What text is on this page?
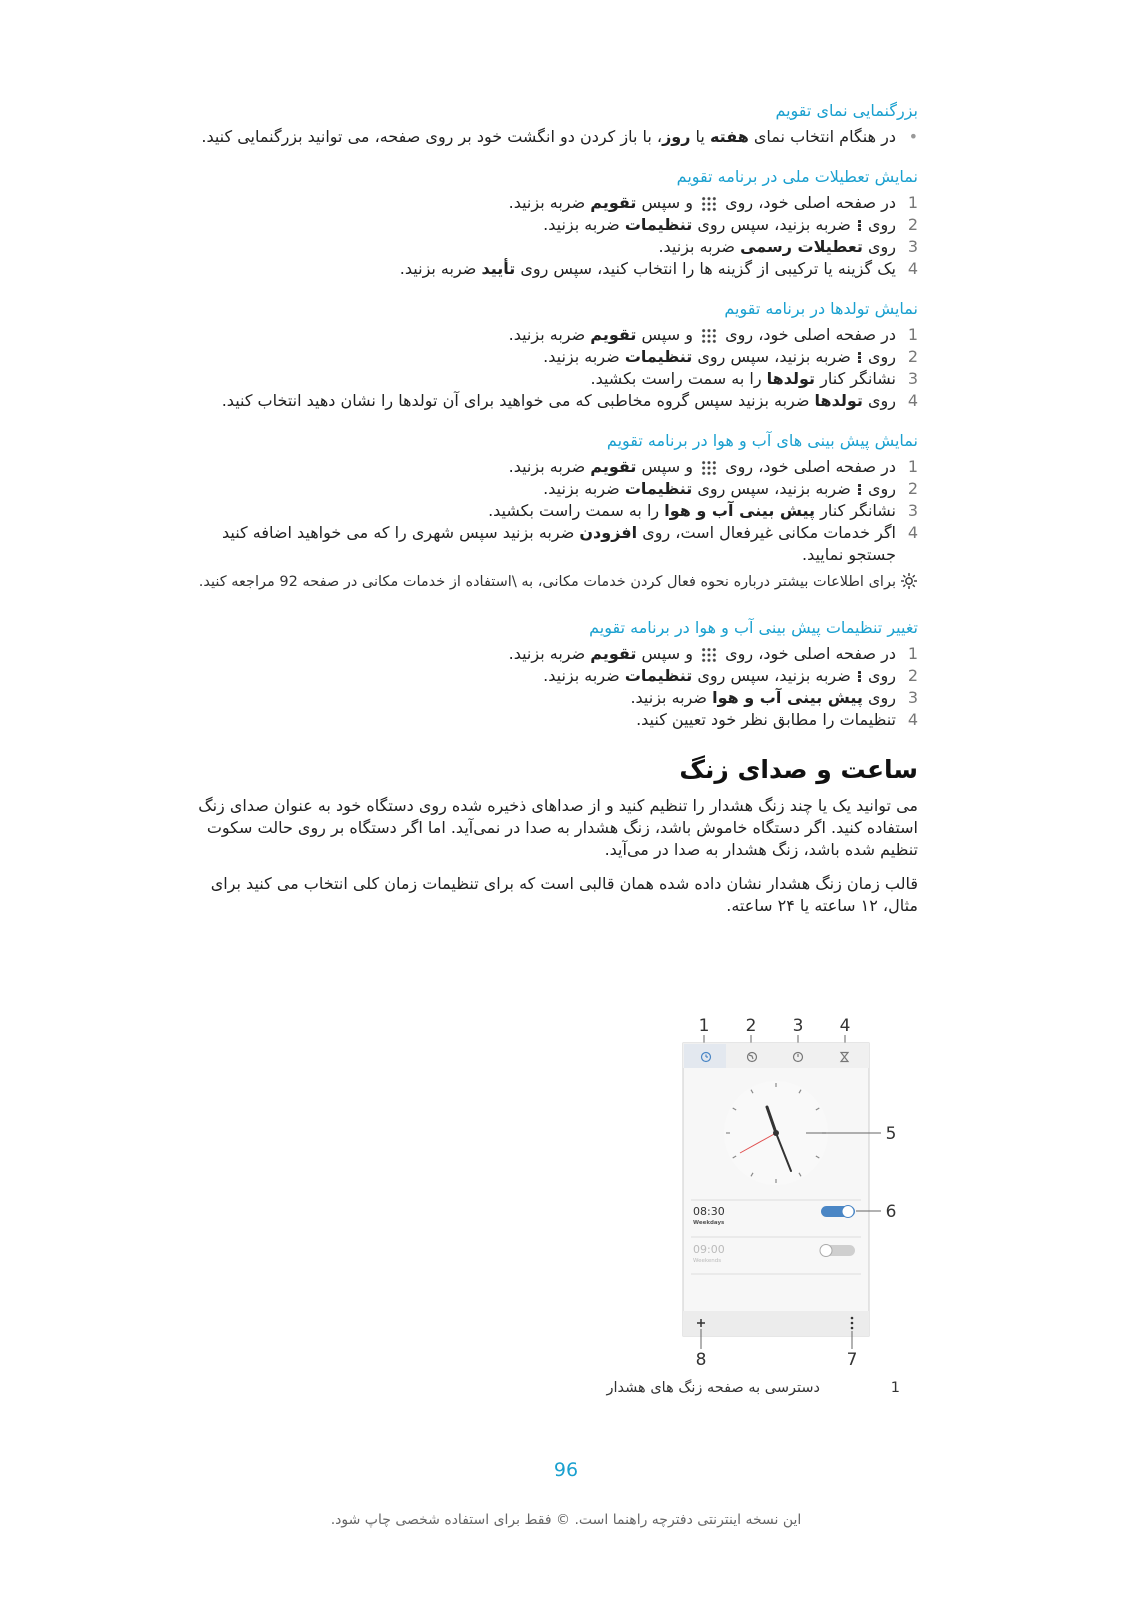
بزرگنمایی نمای تقویم
•
در هنگام انتخاب نمای هفته یا روز، با باز کردن دو انگشت خود بر روی صفحه، می توانید بزرگنمایی کنید.
نمایش تعطیلات ملی در برنامه تقویم
1
در صفحه اصلی خود، روی  و سپس تقویم ضربه بزنید.
2
روی
ضربه بزنید، سپس روی تنظیمات ضربه بزنید.
3
روی تعطیلات رسمی ضربه بزنید.
4
یک گزینه یا ترکیبی از گزینه ها را انتخاب کنید، سپس روی تأیید ضربه بزنید.
نمایش تولدها در برنامه تقویم
1
در صفحه اصلی خود، روی  و سپس تقویم ضربه بزنید.
2
روی
ضربه بزنید، سپس روی تنظیمات ضربه بزنید.
3
نشانگر کنار تولدها را به سمت راست بکشید.
4
روی تولدها ضربه بزنید سپس گروه مخاطبی که می خواهید برای آن تولدها را نشان دهید انتخاب کنید.
نمایش پیش بینی های آب و هوا در برنامه تقویم
1
در صفحه اصلی خود، روی  و سپس تقویم ضربه بزنید.
2
روی
ضربه بزنید، سپس روی تنظیمات ضربه بزنید.
3
نشانگر کنار پیش بینی آب و هوا را به سمت راست بکشید.
4
اگر خدمات مکانی غیرفعال است، روی افزودن ضربه بزنید سپس شهری را که می خواهید اضافه کنید جستجو نمایید.
برای اطلاعات بیشتر درباره نحوه فعال کردن خدمات مکانی، به \استفاده از خدمات مکانی در صفحه 92 مراجعه کنید.
تغییر تنظیمات پیش بینی آب و هوا در برنامه تقویم
1
در صفحه اصلی خود، روی  و سپس تقویم ضربه بزنید.
2
روی
ضربه بزنید، سپس روی تنظیمات ضربه بزنید.
3
روی پیش بینی آب و هوا ضربه بزنید.
4
تنظیمات را مطابق نظر خود تعیین کنید.
ساعت و صدای زنگ

می توانید یک یا چند زنگ هشدار را تنظیم کنید و از صداهای ذخیره شده روی دستگاه خود به عنوان صدای زنگ استفاده کنید. اگر دستگاه خاموش باشد، زنگ هشدار به صدا در نمی‌آید. اما اگر دستگاه بر روی حالت سکوت تنظیم شده باشد، زنگ هشدار به صدا در می‌آید.

قالب زمان زنگ هشدار نشان داده شده همان قالبی است که برای تنظیمات زمان کلی انتخاب می کنید برای مثال، ۱۲ ساعته یا ۲۴ ساعته.

1 2 3 4
5
08:30
Weekdays
09:00
Weekends
6
8	7
1
دسترسی به صفحه زنگ های هشدار
96
این نسخه اینترنتی دفترچه راهنما است. © فقط برای استفاده شخصی چاپ شود.
